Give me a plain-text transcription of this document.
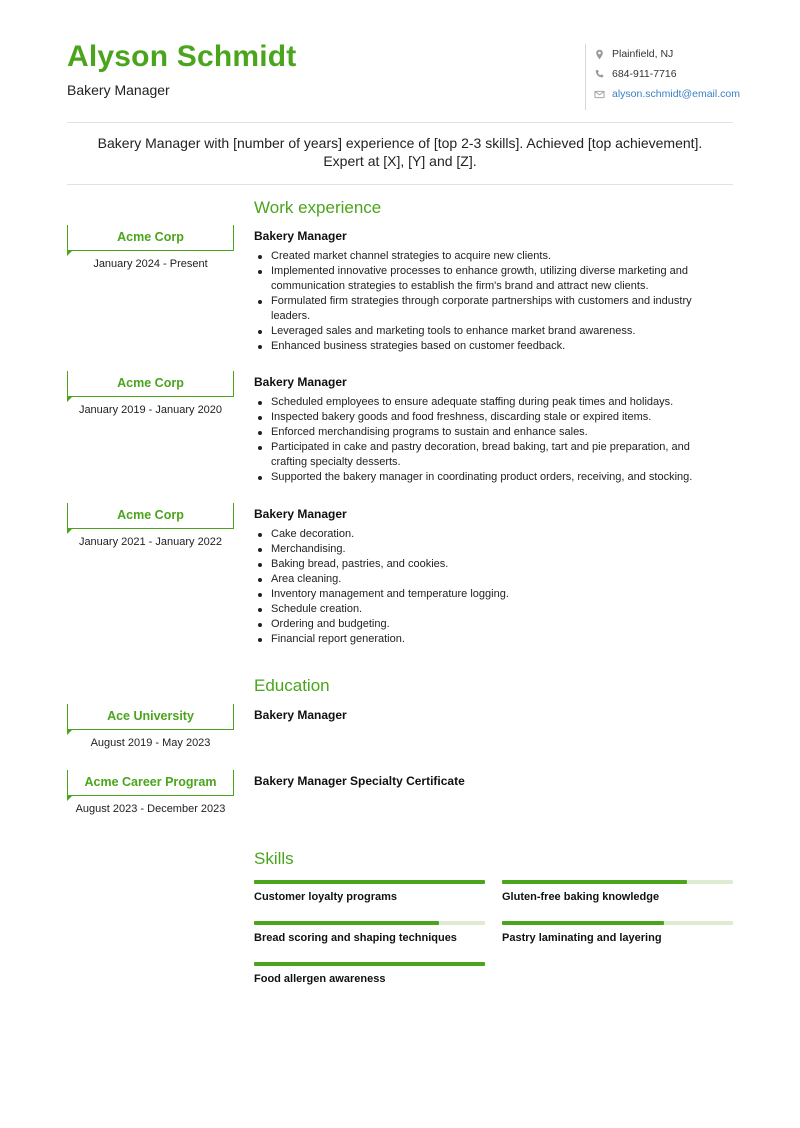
Alyson Schmidt
Bakery Manager
Plainfield, NJ
684-911-7716
alyson.schmidt@email.com
Bakery Manager with [number of years] experience of [top 2-3 skills]. Achieved [top achievement]. Expert at [X], [Y] and [Z].
Work experience
Acme Corp
January 2024 - Present
Bakery Manager
Created market channel strategies to acquire new clients.
Implemented innovative processes to enhance growth, utilizing diverse marketing and communication strategies to establish the firm's brand and attract new clients.
Formulated firm strategies through corporate partnerships with customers and industry leaders.
Leveraged sales and marketing tools to enhance market brand awareness.
Enhanced business strategies based on customer feedback.
Acme Corp
January 2019 - January 2020
Bakery Manager
Scheduled employees to ensure adequate staffing during peak times and holidays.
Inspected bakery goods and food freshness, discarding stale or expired items.
Enforced merchandising programs to sustain and enhance sales.
Participated in cake and pastry decoration, bread baking, tart and pie preparation, and crafting specialty desserts.
Supported the bakery manager in coordinating product orders, receiving, and stocking.
Acme Corp
January 2021 - January 2022
Bakery Manager
Cake decoration.
Merchandising.
Baking bread, pastries, and cookies.
Area cleaning.
Inventory management and temperature logging.
Schedule creation.
Ordering and budgeting.
Financial report generation.
Education
Ace University
August 2019 - May 2023
Bakery Manager
Acme Career Program
August 2023 - December 2023
Bakery Manager Specialty Certificate
Skills
Customer loyalty programs	Gluten-free baking knowledge
Bread scoring and shaping techniques	Pastry laminating and layering
Food allergen awareness
